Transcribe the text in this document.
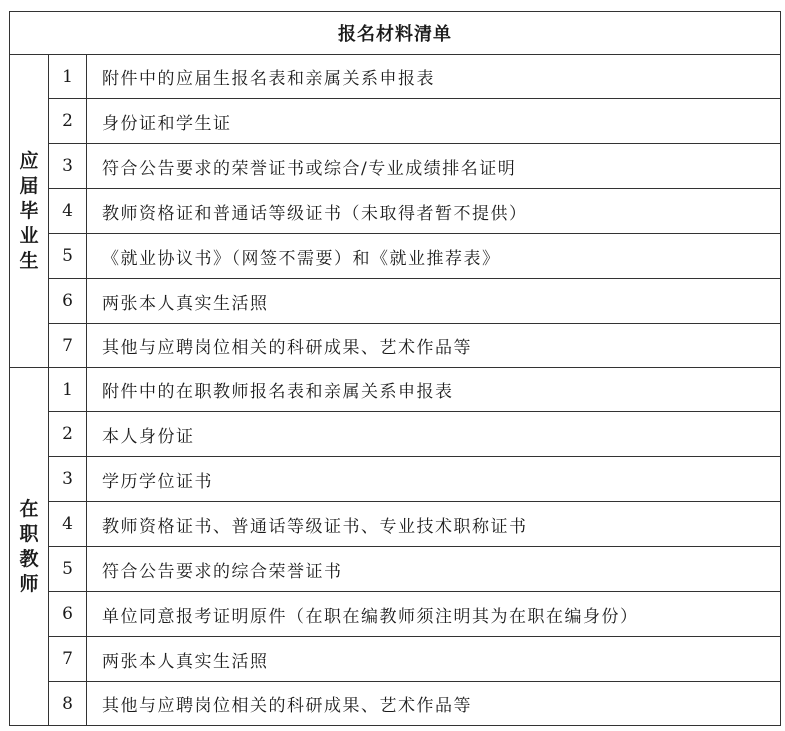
报名材料清单		
应届毕业生	1	附件中的应届生报名表和亲属关系申报表
	2	身份证和学生证
	3	符合公告要求的荣誉证书或综合/专业成绩排名证明
	4	教师资格证和普通话等级证书（未取得者暂不提供）
	5	《就业协议书》（网签不需要）和《就业推荐表》
	6	两张本人真实生活照
	7	其他与应聘岗位相关的科研成果、艺术作品等
在职教师	1	附件中的在职教师报名表和亲属关系申报表
	2	本人身份证
	3	学历学位证书
	4	教师资格证书、普通话等级证书、专业技术职称证书
	5	符合公告要求的综合荣誉证书
	6	单位同意报考证明原件（在职在编教师须注明其为在职在编身份）
	7	两张本人真实生活照
	8	其他与应聘岗位相关的科研成果、艺术作品等
